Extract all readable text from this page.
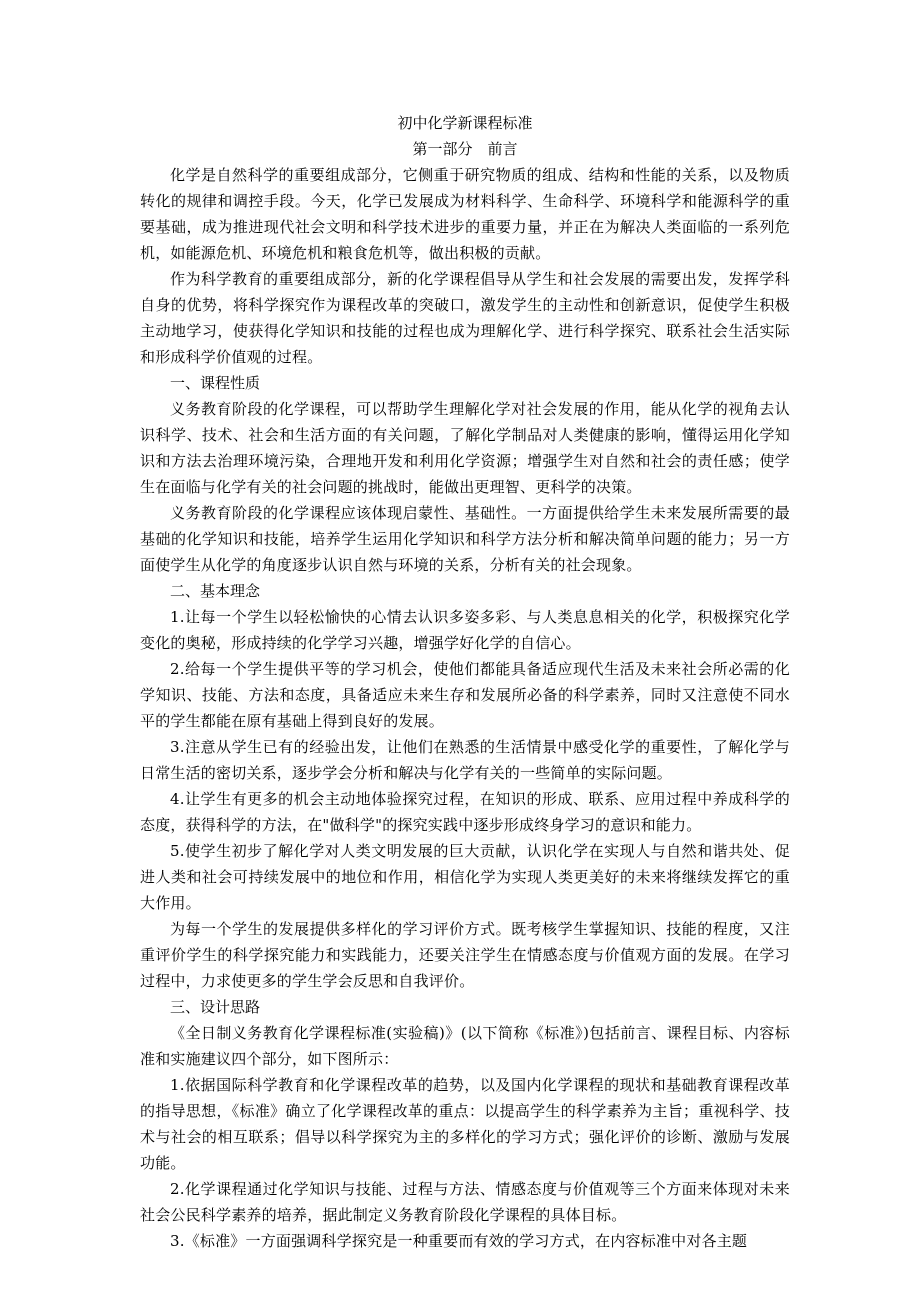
初中化学新课程标准

第一部分　前言

化学是自然科学的重要组成部分，它侧重于研究物质的组成、结构和性能的关系，以及物质转化的规律和调控手段。今天，化学已发展成为材料科学、生命科学、环境科学和能源科学的重要基础，成为推进现代社会文明和科学技术进步的重要力量，并正在为解决人类面临的一系列危机，如能源危机、环境危机和粮食危机等，做出积极的贡献。

作为科学教育的重要组成部分，新的化学课程倡导从学生和社会发展的需要出发，发挥学科自身的优势，将科学探究作为课程改革的突破口，激发学生的主动性和创新意识，促使学生积极主动地学习，使获得化学知识和技能的过程也成为理解化学、进行科学探究、联系社会生活实际和形成科学价值观的过程。

一、课程性质

义务教育阶段的化学课程，可以帮助学生理解化学对社会发展的作用，能从化学的视角去认识科学、技术、社会和生活方面的有关问题，了解化学制品对人类健康的影响，懂得运用化学知识和方法去治理环境污染，合理地开发和利用化学资源；增强学生对自然和社会的责任感；使学生在面临与化学有关的社会问题的挑战时，能做出更理智、更科学的决策。

义务教育阶段的化学课程应该体现启蒙性、基础性。一方面提供给学生未来发展所需要的最基础的化学知识和技能，培养学生运用化学知识和科学方法分析和解决简单问题的能力；另一方面使学生从化学的角度逐步认识自然与环境的关系，分析有关的社会现象。

二、基本理念

1.让每一个学生以轻松愉快的心情去认识多姿多彩、与人类息息相关的化学，积极探究化学变化的奥秘，形成持续的化学学习兴趣，增强学好化学的自信心。

2.给每一个学生提供平等的学习机会，使他们都能具备适应现代生活及未来社会所必需的化学知识、技能、方法和态度，具备适应未来生存和发展所必备的科学素养，同时又注意使不同水平的学生都能在原有基础上得到良好的发展。

3.注意从学生已有的经验出发，让他们在熟悉的生活情景中感受化学的重要性，了解化学与日常生活的密切关系，逐步学会分析和解决与化学有关的一些简单的实际问题。

4.让学生有更多的机会主动地体验探究过程，在知识的形成、联系、应用过程中养成科学的态度，获得科学的方法，在"做科学"的探究实践中逐步形成终身学习的意识和能力。

5.使学生初步了解化学对人类文明发展的巨大贡献，认识化学在实现人与自然和谐共处、促进人类和社会可持续发展中的地位和作用，相信化学为实现人类更美好的未来将继续发挥它的重大作用。

为每一个学生的发展提供多样化的学习评价方式。既考核学生掌握知识、技能的程度，又注重评价学生的科学探究能力和实践能力，还要关注学生在情感态度与价值观方面的发展。在学习过程中，力求使更多的学生学会反思和自我评价。

三、设计思路

《全日制义务教育化学课程标准(实验稿)》(以下简称《标准》)包括前言、课程目标、内容标准和实施建议四个部分，如下图所示：

1.依据国际科学教育和化学课程改革的趋势，以及国内化学课程的现状和基础教育课程改革的指导思想，《标准》确立了化学课程改革的重点：以提高学生的科学素养为主旨；重视科学、技术与社会的相互联系；倡导以科学探究为主的多样化的学习方式；强化评价的诊断、激励与发展功能。

2.化学课程通过化学知识与技能、过程与方法、情感态度与价值观等三个方面来体现对未来社会公民科学素养的培养，据此制定义务教育阶段化学课程的具体目标。

3.《标准》一方面强调科学探究是一种重要而有效的学习方式，在内容标准中对各主题
